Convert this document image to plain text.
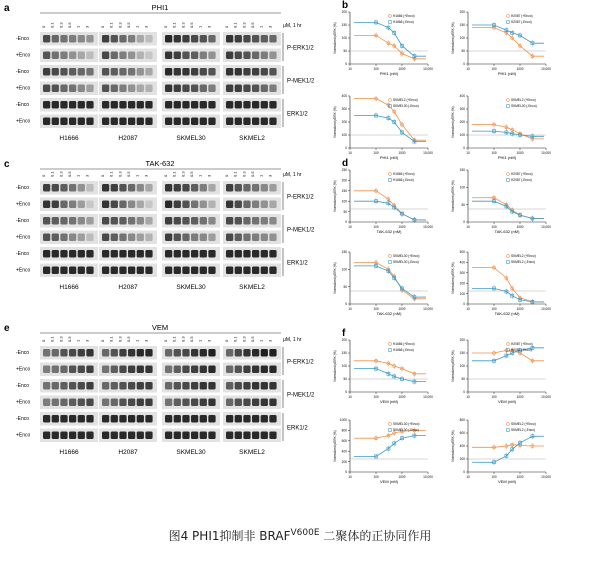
a	PHI1
μM, 1 hr
0 0.1 0.3 0.5 1 3	0 0.1 0.3 0.5 1 3	0 0.1 0.3 0.5 1 3	0 0.1 0.3 0.5 1 3
-Enco
+Enco
-Enco
+Enco
-Enco
+Enco
P-ERK1/2
P-MEK1/2
ERK1/2
H1666	H2087	SKMEL30	SKMEL2
c	TAK-632
μM, 1 hr
0 0.1 0.3 0.5 1 3	0 0.1 0.3 0.5 1 3	0 0.1 0.3 0.5 1 3	0 0.1 0.3 0.5 1 3
-Enco
+Enco
-Enco
+Enco
-Enco
+Enco
P-ERK1/2
P-MEK1/2
ERK1/2
H1666	H2087	SKMEL30	SKMEL2
e	VEM
μM, 1 hr
0 0.1 0.3 0.5 1 3	0 0.1 0.3 0.5 1 3	0 0.1 0.3 0.5 1 3	0 0.1 0.3 0.5 1 3
-Enco
+Enco
-Enco
+Enco
-Enco
+Enco
P-ERK1/2
P-MEK1/2
ERK1/2
H1666	H2087	SKMEL30	SKMEL2
b
d
f
0
50
100
150
200
10	100	1000	10,000
PHI1 (nM)
Normalized pERK (%)
H1666 (+Enco)
H1666 (-Enco)
0
50
100
150
200
10	100	1000	10,000
PHI1 (nM)
Normalized pERK (%)
H2087 (+Enco)
H2087 (-Enco)
0
100
200
300
400
10	100	1000	10,000
PHI1 (nM)
Normalized pERK (%)
SKMEL2 (+Enco)
SKMEL30 (-Enco)
0
100
200
300
400
10	100	1000	10,000
PHI1 (nM)
Normalized pERK (%)
SKMEL2 (+Enco)
SKMEL30 (-Enco)
0
50
100
150
200
250
10	100	1000	10,000
TAK-632 (nM)
Normalized pERK (%)
H1666 (+Enco)
H1666 (-Enco)
0
50
100
150
10	100	1000	10,000
TAK-632 (nM)
Normalized pERK (%)
H2087 (+Enco)
H2087 (-Enco)
0
50
100
150
10	100	1000	10,000
TAK-632 (nM)
Normalized pERK (%)
SKMEL30 (+Enco)
SKMEL30 (-Enco)
0
100
200
300
400
500
10	100	1000	10,000
TAK-632 (nM)
Normalized pERK (%)
SKMEL2 (+Enco)
SKMEL2 (-Enco)
0
50
100
150
200
10	100	1000	10,000
VEM (nM)
Normalized pERK (%)
H1666 (+Enco)
H1666 (-Enco)
0
50
100
150
200
10	100	1000	10,000
VEM (nM)
Normalized pERK (%)
H2087 (+Enco)
H2087 (-Enco)
0
200
400
600
800
1000
10	100	1000	10,000
VEM (nM)
Normalized pERK (%)
SKMEL30 (+Enco)
SKMEL30 (-Enco)
0
200
400
600
800
10	100	1000	10,000
VEM (nM)
Normalized pERK (%)
SKMEL2 (+Enco)
SKMEL2 (-Enco)
图4 PHI1抑制非 $BRAF^{V600E}$ 二聚体的正协同作用
